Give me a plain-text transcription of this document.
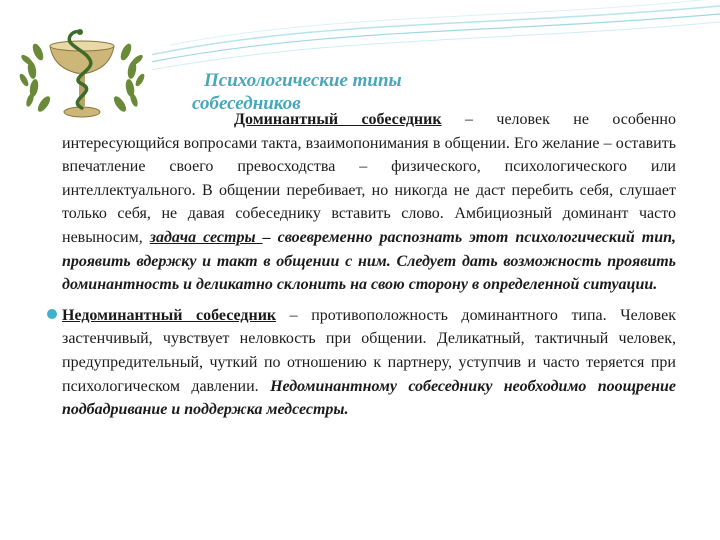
Психологические типы
собеседников

Доминантный собеседник – человек не особенно интересующийся вопросами такта, взаимопонимания в общении. Его желание – оставить впечатление своего превосходства – физического, психологического или интеллектуального. В общении перебивает, но никогда не даст перебить себя, слушает только себя, не давая собеседнику вставить слово. Амбициозный доминант часто невыносим, задача сестры – своевременно распознать этот психологический тип, проявить вдержку и такт в общении с ним. Следует дать возможность проявить доминантность и деликатно склонить на свою сторону в определенной ситуации.

Недоминантный собеседник – противоположность доминантного типа. Человек застенчивый, чувствует неловкость при общении. Деликатный, тактичный человек, предупредительный, чуткий по отношению к партнеру, уступчив и часто теряется при психологическом давлении. Недоминантному собеседнику необходимо поощрение подбадривание и поддержка медсестры.
